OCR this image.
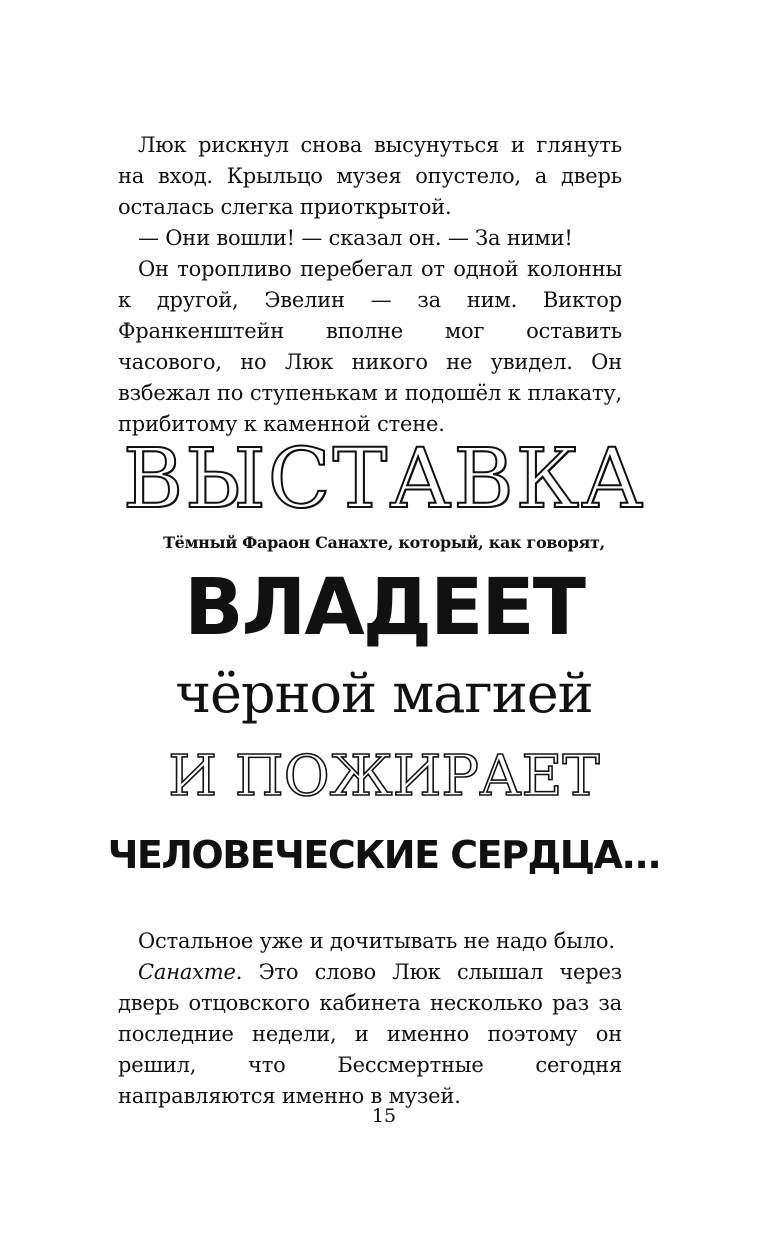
Люк рискнул снова высунуться и глянуть на вход. Крыльцо музея опустело, а дверь осталась слегка приоткрытой.

— Они вошли! — сказал он. — За ними!

Он торопливо перебегал от одной колонны к другой, Эвелин — за ним. Виктор Франкенштейн вполне мог оставить часового, но Люк никого не увидел. Он взбежал по ступенькам и подошёл к плакату, прибитому к каменной стене.

ВЫСТАВКА
Тёмный Фараон Санахте, который, как говорят,
ВЛАДЕЕТ
чёрной магией
И ПОЖИРАЕТ
ЧЕЛОВЕЧЕСКИЕ СЕРДЦА...

Остальное уже и дочитывать не надо было.

Санахте. Это слово Люк слышал через дверь отцовского кабинета несколько раз за последние недели, и именно поэтому он решил, что Бессмертные сегодня направляются именно в музей.

15
